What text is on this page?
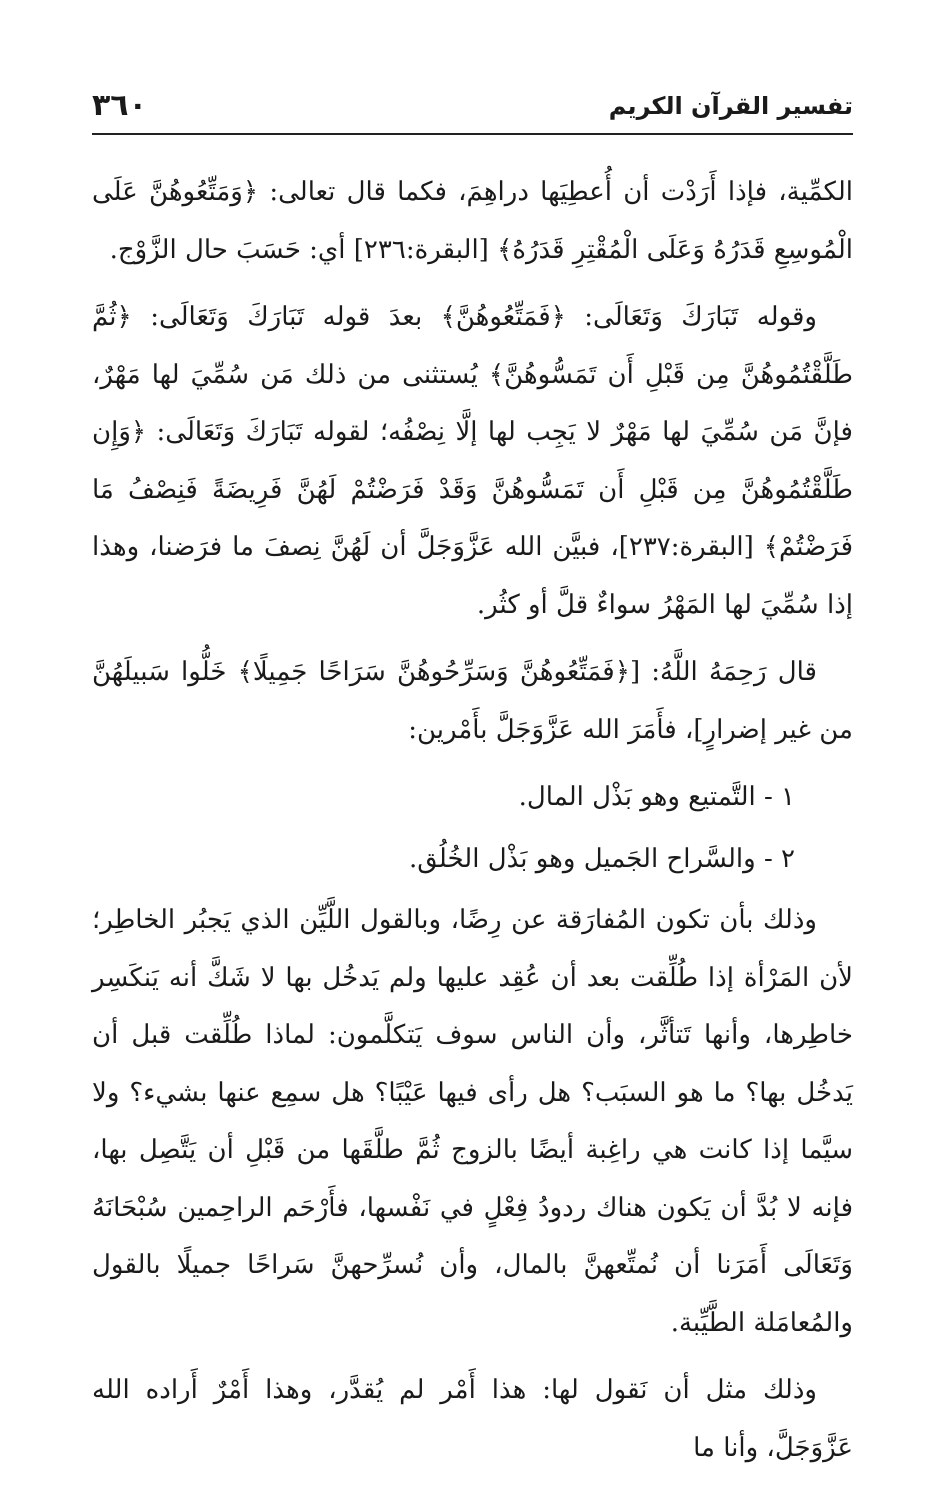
تفسير القرآن الكريم
٣٦٠

الكمِّية، فإذا أَرَدْت أن أُعطِيَها دراهِمَ، فكما قال تعالى: ﴿وَمَتِّعُوهُنَّ عَلَى الْمُوسِعِ قَدَرُهُ وَعَلَى الْمُقْتِرِ قَدَرُهُ﴾ [البقرة:٢٣٦] أي: حَسَبَ حال الزَّوْج.

وقوله تَبَارَكَ وَتَعَالَى: ﴿فَمَتِّعُوهُنَّ﴾ بعدَ قوله تَبَارَكَ وَتَعَالَى: ﴿ثُمَّ طَلَّقْتُمُوهُنَّ مِن قَبْلِ أَن تَمَسُّوهُنَّ﴾ يُستثنى من ذلك مَن سُمِّيَ لها مَهْرٌ، فإنَّ مَن سُمِّيَ لها مَهْرٌ لا يَجِب لها إلَّا نِصْفُه؛ لقوله تَبَارَكَ وَتَعَالَى: ﴿وَإِن طَلَّقْتُمُوهُنَّ مِن قَبْلِ أَن تَمَسُّوهُنَّ وَقَدْ فَرَضْتُمْ لَهُنَّ فَرِيضَةً فَنِصْفُ مَا فَرَضْتُمْ﴾ [البقرة:٢٣٧]، فبيَّن الله عَزَّوَجَلَّ أن لَهُنَّ نِصفَ ما فرَضنا، وهذا إذا سُمِّيَ لها المَهْرُ سواءٌ قلَّ أو كثُر.

قال رَحِمَهُ اللَّهُ: [﴿فَمَتِّعُوهُنَّ وَسَرِّحُوهُنَّ سَرَاحًا جَمِيلًا﴾ خَلُّوا سَبيلَهُنَّ من غير إضرارٍ]، فأَمَرَ الله عَزَّوَجَلَّ بأَمْرين:

١ - التَّمتيع وهو بَذْل المال.

٢ - والسَّراح الجَميل وهو بَذْل الخُلُق.

وذلك بأن تكون المُفارَقة عن رِضًا، وبالقول اللَّيِّن الذي يَجبُر الخاطِر؛ لأن المَرْأة إذا طُلِّقت بعد أن عُقِد عليها ولم يَدخُل بها لا شَكَّ أنه يَنكَسِر خاطِرها، وأنها تَتأثَّر، وأن الناس سوف يَتكلَّمون: لماذا طُلِّقت قبل أن يَدخُل بها؟ ما هو السبَب؟ هل رأى فيها عَيْبًا؟ هل سمِع عنها بشيء؟ ولا سيَّما إذا كانت هي راغِبة أيضًا بالزوج ثُمَّ طلَّقَها من قَبْلِ أن يَتَّصِل بها، فإنه لا بُدَّ أن يَكون هناك ردودُ فِعْلٍ في نَفْسها، فأَرْحَم الراحِمين سُبْحَانَهُ وَتَعَالَى أَمَرَنا أن نُمتِّعهنَّ بالمال، وأن نُسرِّحهنَّ سَراحًا جميلًا بالقول والمُعامَلة الطَّيِّبة.

وذلك مثل أن نَقول لها: هذا أَمْر لم يُقدَّر، وهذا أَمْرٌ أَراده الله عَزَّوَجَلَّ، وأنا ما
